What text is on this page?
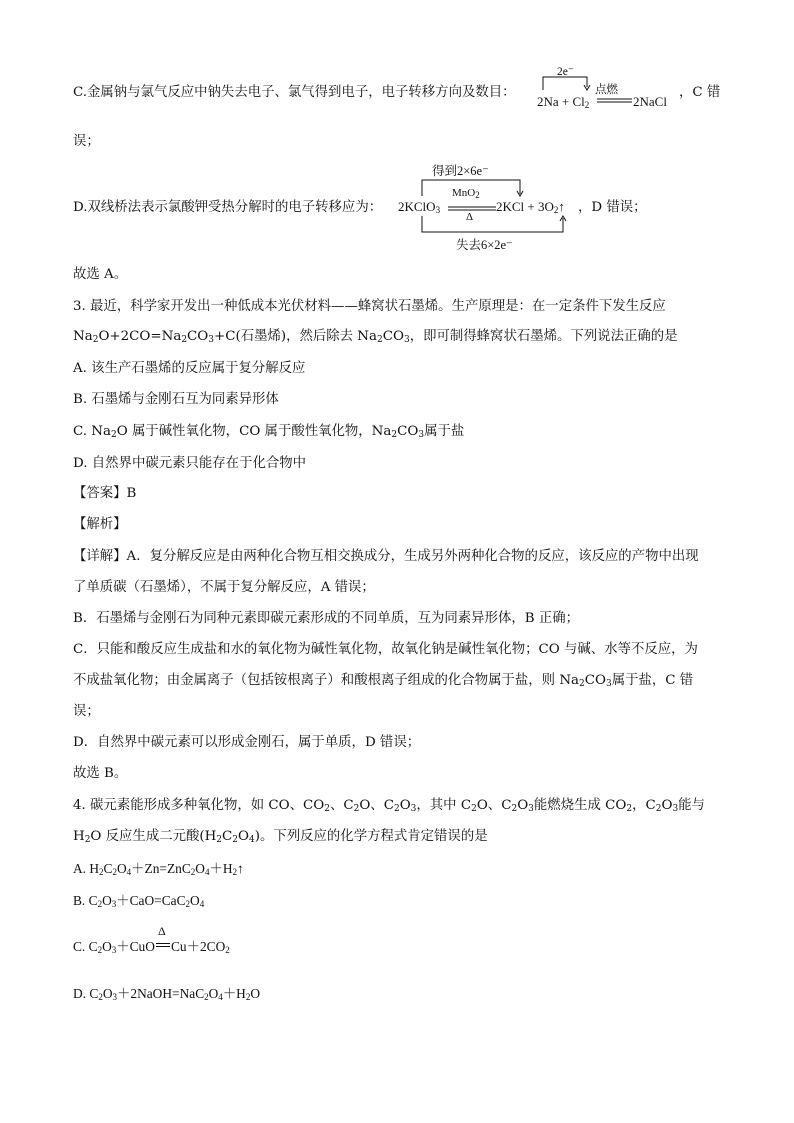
C.金属钠与氯气反应中钠失去电子、氯气得到电子，电子转移方向及数目：
2e⁻
点燃
$2Na + Cl_2$	2NaCl
，C 错
误；
D.双线桥法表示氯酸钾受热分解时的电子转移应为：
得到2×6e⁻
MnO$_2$
Δ
2KClO$_3$	$2KCl + 3O_2↑$
失去6×2e⁻
，D 错误；
故选 A。
3. 最近，科学家开发出一种低成本光伏材料——蜂窝状石墨烯。生产原理是：在一定条件下发生反应
$Na_2O+2CO=Na_2CO_3+C$(石墨烯)，然后除去 $Na_2CO_3$，即可制得蜂窝状石墨烯。下列说法正确的是
A. 该生产石墨烯的反应属于复分解反应
B. 石墨烯与金刚石互为同素异形体
C. $Na_2O$ 属于碱性氧化物，CO 属于酸性氧化物，$Na_2CO_3$属于盐
D. 自然界中碳元素只能存在于化合物中
【答案】B
【解析】
【详解】A．复分解反应是由两种化合物互相交换成分，生成另外两种化合物的反应，该反应的产物中出现
了单质碳（石墨烯），不属于复分解反应，A 错误；
B．石墨烯与金刚石为同种元素即碳元素形成的不同单质，互为同素异形体，B 正确；
C．只能和酸反应生成盐和水的氧化物为碱性氧化物，故氧化钠是碱性氧化物；CO 与碱、水等不反应，为
不成盐氧化物；由金属离子（包括铵根离子）和酸根离子组成的化合物属于盐，则 $Na_2CO_3$属于盐，C 错
误；
D．自然界中碳元素可以形成金刚石，属于单质，D 错误；
故选 B。
4. 碳元素能形成多种氧化物，如 CO、$CO_2$、$C_2O$、$C_2O_3$，其中 $C_2O$、$C_2O_3$能燃烧生成 $CO_2$，$C_2O_3$能与
$H_2O$ 反应生成二元酸$(H_2C_2O_4)$。下列反应的化学方程式肯定错误的是
A. $H_2C_2O_4+Zn=ZnC_2O_4+H_2↑$
B. $C_2O_3+CaO=CaC_2O_4$
C. $C_2O_3+CuO$
Δ
$Cu+2CO_2$
D. $C_2O_3+2NaOH=NaC_2O_4+H_2O$
